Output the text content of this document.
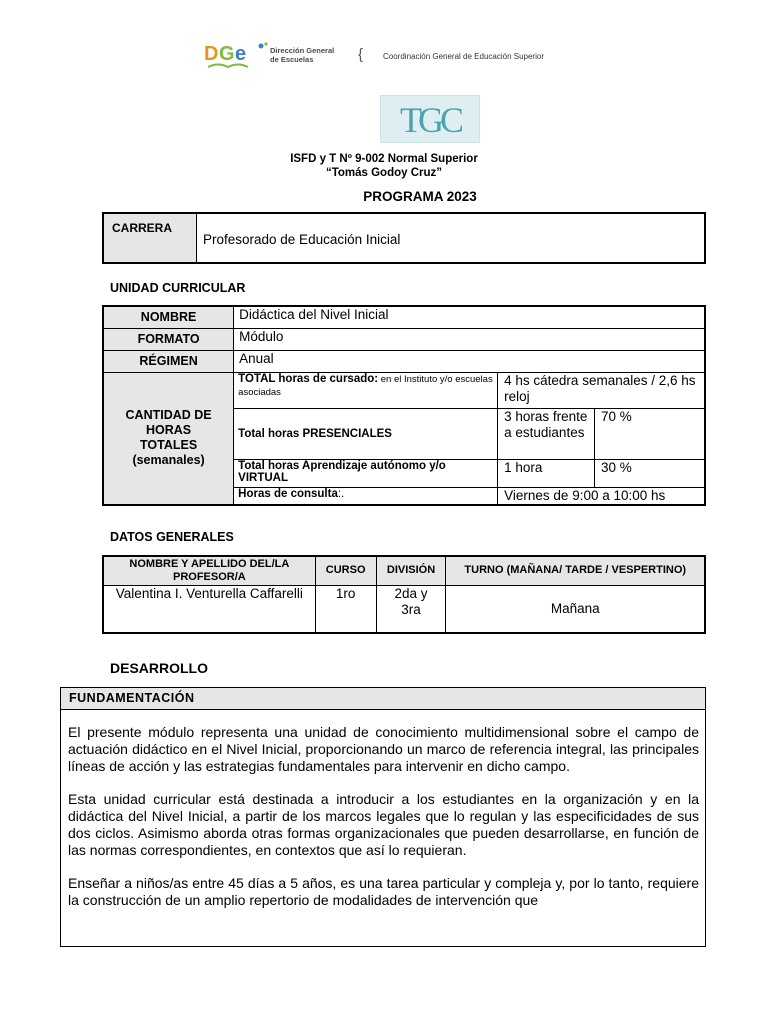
D G e	Dirección General
de Escuelas	{ Coordinación General de Educación Superior
TGC
ISFD y T Nº 9-002 Normal Superior
“Tomás Godoy Cruz”
PROGRAMA 2023
CARRERA	Profesorado de Educación Inicial
UNIDAD CURRICULAR
NOMBRE	Didáctica del Nivel Inicial		
FORMATO	Módulo		
RÉGIMEN	Anual		

CANTIDAD DE
HORAS
TOTALES
(semanales)	TOTAL horas de cursado: en el Instituto y/o escuelas asociadas	4 hs cátedra semanales / 2,6 hs reloj	
	Total horas PRESENCIALES	3 horas frente a estudiantes	70 %
	Total horas Aprendizaje autónomo y/o VIRTUAL	1 hora	30 %
	Horas de consulta:.	Viernes de 9:00 a 10:00 hs	
DATOS GENERALES
NOMBRE Y APELLIDO DEL/LA PROFESOR/A	CURSO	DIVISIÓN	TURNO (MAÑANA/ TARDE / VESPERTINO)
Valentina I. Venturella Caffarelli	1ro	2da y 3ra	Mañana
DESARROLLO
FUNDAMENTACIÓN

El presente módulo representa una unidad de conocimiento multidimensional sobre el campo de actuación didáctico en el Nivel Inicial, proporcionando un marco de referencia integral, las principales líneas de acción y las estrategias fundamentales para intervenir en dicho campo.

Esta unidad curricular está destinada a introducir a los estudiantes en la organización y en la didáctica del Nivel Inicial, a partir de los marcos legales que lo regulan y las especificidades de sus dos ciclos. Asimismo aborda otras formas organizacionales que pueden desarrollarse, en función de las normas correspondientes, en contextos que así lo requieran.

Enseñar a niños/as entre 45 días a 5 años, es una tarea particular y compleja y, por lo tanto, requiere la construcción de un amplio repertorio de modalidades de intervención que
